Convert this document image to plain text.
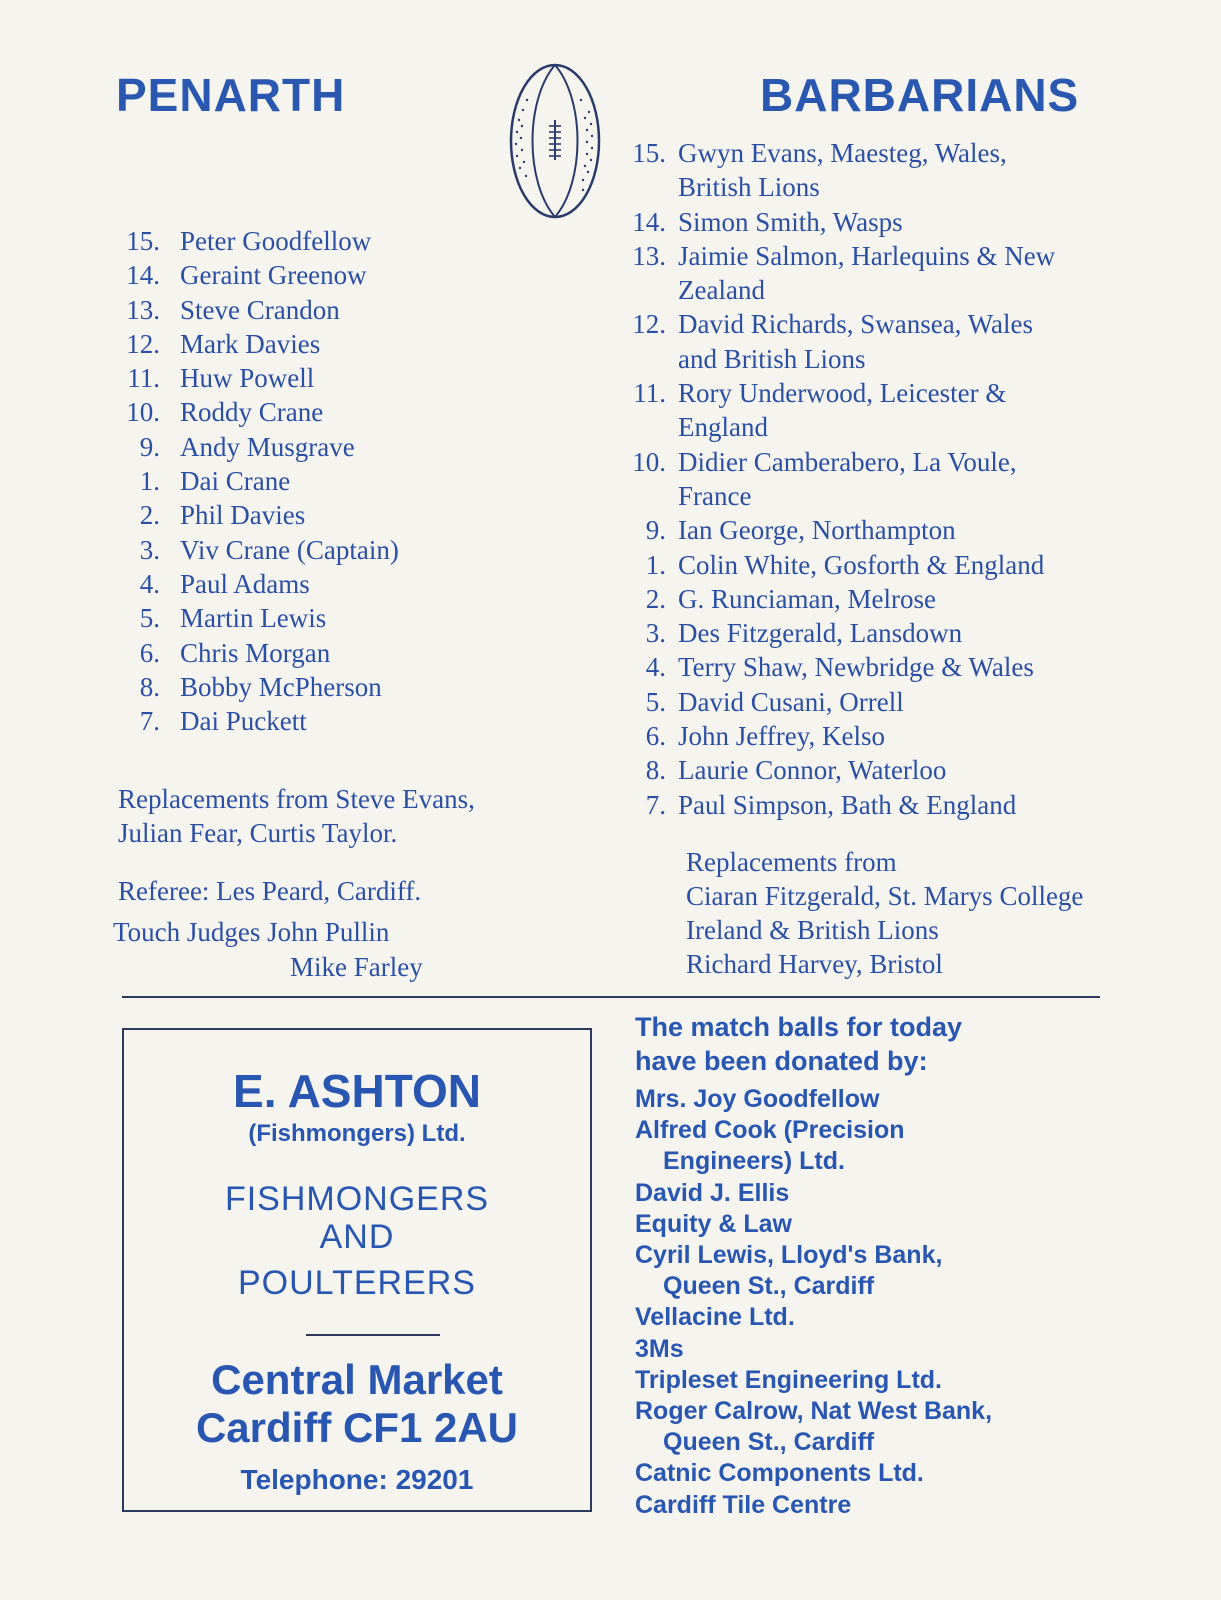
PENARTH	BARBARIANS
15. Peter Goodfellow
14. Geraint Greenow
13. Steve Crandon
12. Mark Davies
11. Huw Powell
10. Roddy Crane
9. Andy Musgrave
1. Dai Crane
2. Phil Davies
3. Viv Crane (Captain)
4. Paul Adams
5. Martin Lewis
6. Chris Morgan
8. Bobby McPherson
7. Dai Puckett
15. Gwyn Evans, Maesteg, Wales,
British Lions
14. Simon Smith, Wasps
13. Jaimie Salmon, Harlequins & New
Zealand
12. David Richards, Swansea, Wales
and British Lions
11. Rory Underwood, Leicester &
England
10. Didier Camberabero, La Voule,
France
9. Ian George, Northampton
1. Colin White, Gosforth & England
2. G. Runciaman, Melrose
3. Des Fitzgerald, Lansdown
4. Terry Shaw, Newbridge & Wales
5. David Cusani, Orrell
6. John Jeffrey, Kelso
8. Laurie Connor, Waterloo
7. Paul Simpson, Bath & England

Replacements from Steve Evans,

Julian Fear, Curtis Taylor.

Referee: Les Peard, Cardiff.

Touch Judges John Pullin

Mike Farley

Replacements from

Ciaran Fitzgerald, St. Marys College

Ireland & British Lions

Richard Harvey, Bristol

E. ASHTON
(Fishmongers) Ltd.
FISHMONGERS
AND
POULTERERS
Central Market
Cardiff CF1 2AU
Telephone: 29201
The match balls for today
have been donated by:
Mrs. Joy Goodfellow
Alfred Cook (Precision
Engineers) Ltd.
David J. Ellis
Equity & Law
Cyril Lewis, Lloyd's Bank,
Queen St., Cardiff
Vellacine Ltd.
3Ms
Tripleset Engineering Ltd.
Roger Calrow, Nat West Bank,
Queen St., Cardiff
Catnic Components Ltd.
Cardiff Tile Centre
